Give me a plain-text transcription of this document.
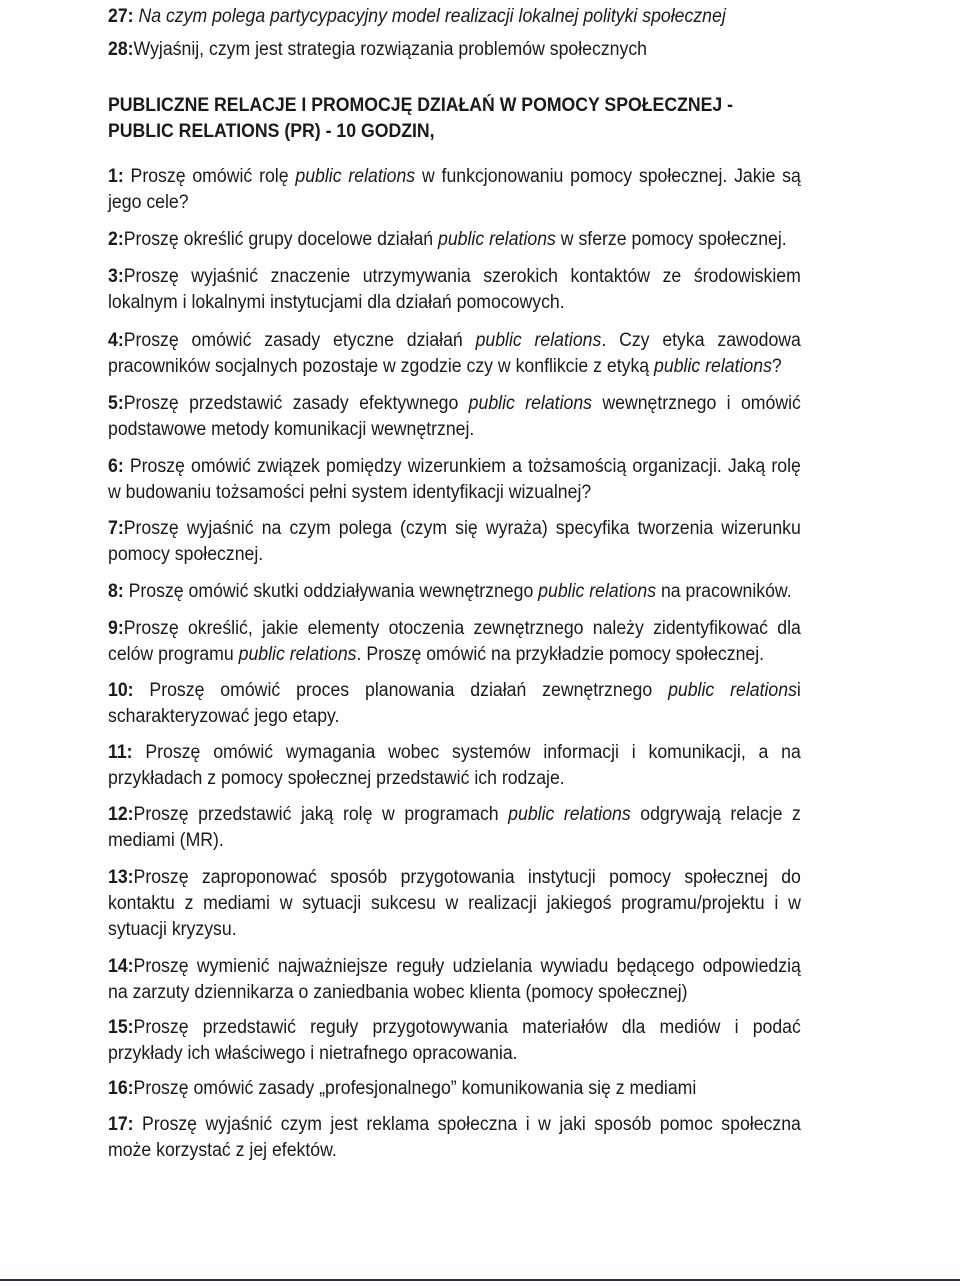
27: Na czym polega partycypacyjny model realizacji lokalnej polityki społecznej
28:Wyjaśnij, czym jest strategia rozwiązania problemów społecznych
PUBLICZNE RELACJE I PROMOCJĘ DZIAŁAŃ W POMOCY SPOŁECZNEJ -
PUBLIC RELATIONS (PR) - 10 GODZIN,
1: Proszę omówić rolę public relations w funkcjonowaniu pomocy społecznej. Jakie są jego cele?
2:Proszę określić grupy docelowe działań public relations w sferze pomocy społecznej.
3:Proszę wyjaśnić znaczenie utrzymywania szerokich kontaktów ze środowiskiem lokalnym i lokalnymi instytucjami dla działań pomocowych.
4:Proszę omówić zasady etyczne działań public relations. Czy etyka zawodowa pracowników socjalnych pozostaje w zgodzie czy w konflikcie z etyką public relations?
5:Proszę przedstawić zasady efektywnego public relations wewnętrznego i omówić podstawowe metody komunikacji wewnętrznej.
6: Proszę omówić związek pomiędzy wizerunkiem a tożsamością organizacji. Jaką rolę w budowaniu tożsamości pełni system identyfikacji wizualnej?
7:Proszę wyjaśnić na czym polega (czym się wyraża) specyfika tworzenia wizerunku pomocy społecznej.
8: Proszę omówić skutki oddziaływania wewnętrznego public relations na pracowników.
9:Proszę określić, jakie elementy otoczenia zewnętrznego należy zidentyfikować dla celów programu public relations. Proszę omówić na przykładzie pomocy społecznej.
10: Proszę omówić proces planowania działań zewnętrznego public relationsi scharakteryzować jego etapy.
11: Proszę omówić wymagania wobec systemów informacji i komunikacji, a na przykładach z pomocy społecznej przedstawić ich rodzaje.
12:Proszę przedstawić jaką rolę w programach public relations odgrywają relacje z mediami (MR).
13:Proszę zaproponować sposób przygotowania instytucji pomocy społecznej do kontaktu z mediami w sytuacji sukcesu w realizacji jakiegoś programu/projektu i w sytuacji kryzysu.
14:Proszę wymienić najważniejsze reguły udzielania wywiadu będącego odpowiedzią na zarzuty dziennikarza o zaniedbania wobec klienta (pomocy społecznej)
15:Proszę przedstawić reguły przygotowywania materiałów dla mediów i podać przykłady ich właściwego i nietrafnego opracowania.
16:Proszę omówić zasady „profesjonalnego” komunikowania się z mediami
17: Proszę wyjaśnić czym jest reklama społeczna i w jaki sposób pomoc społeczna może korzystać z jej efektów.
